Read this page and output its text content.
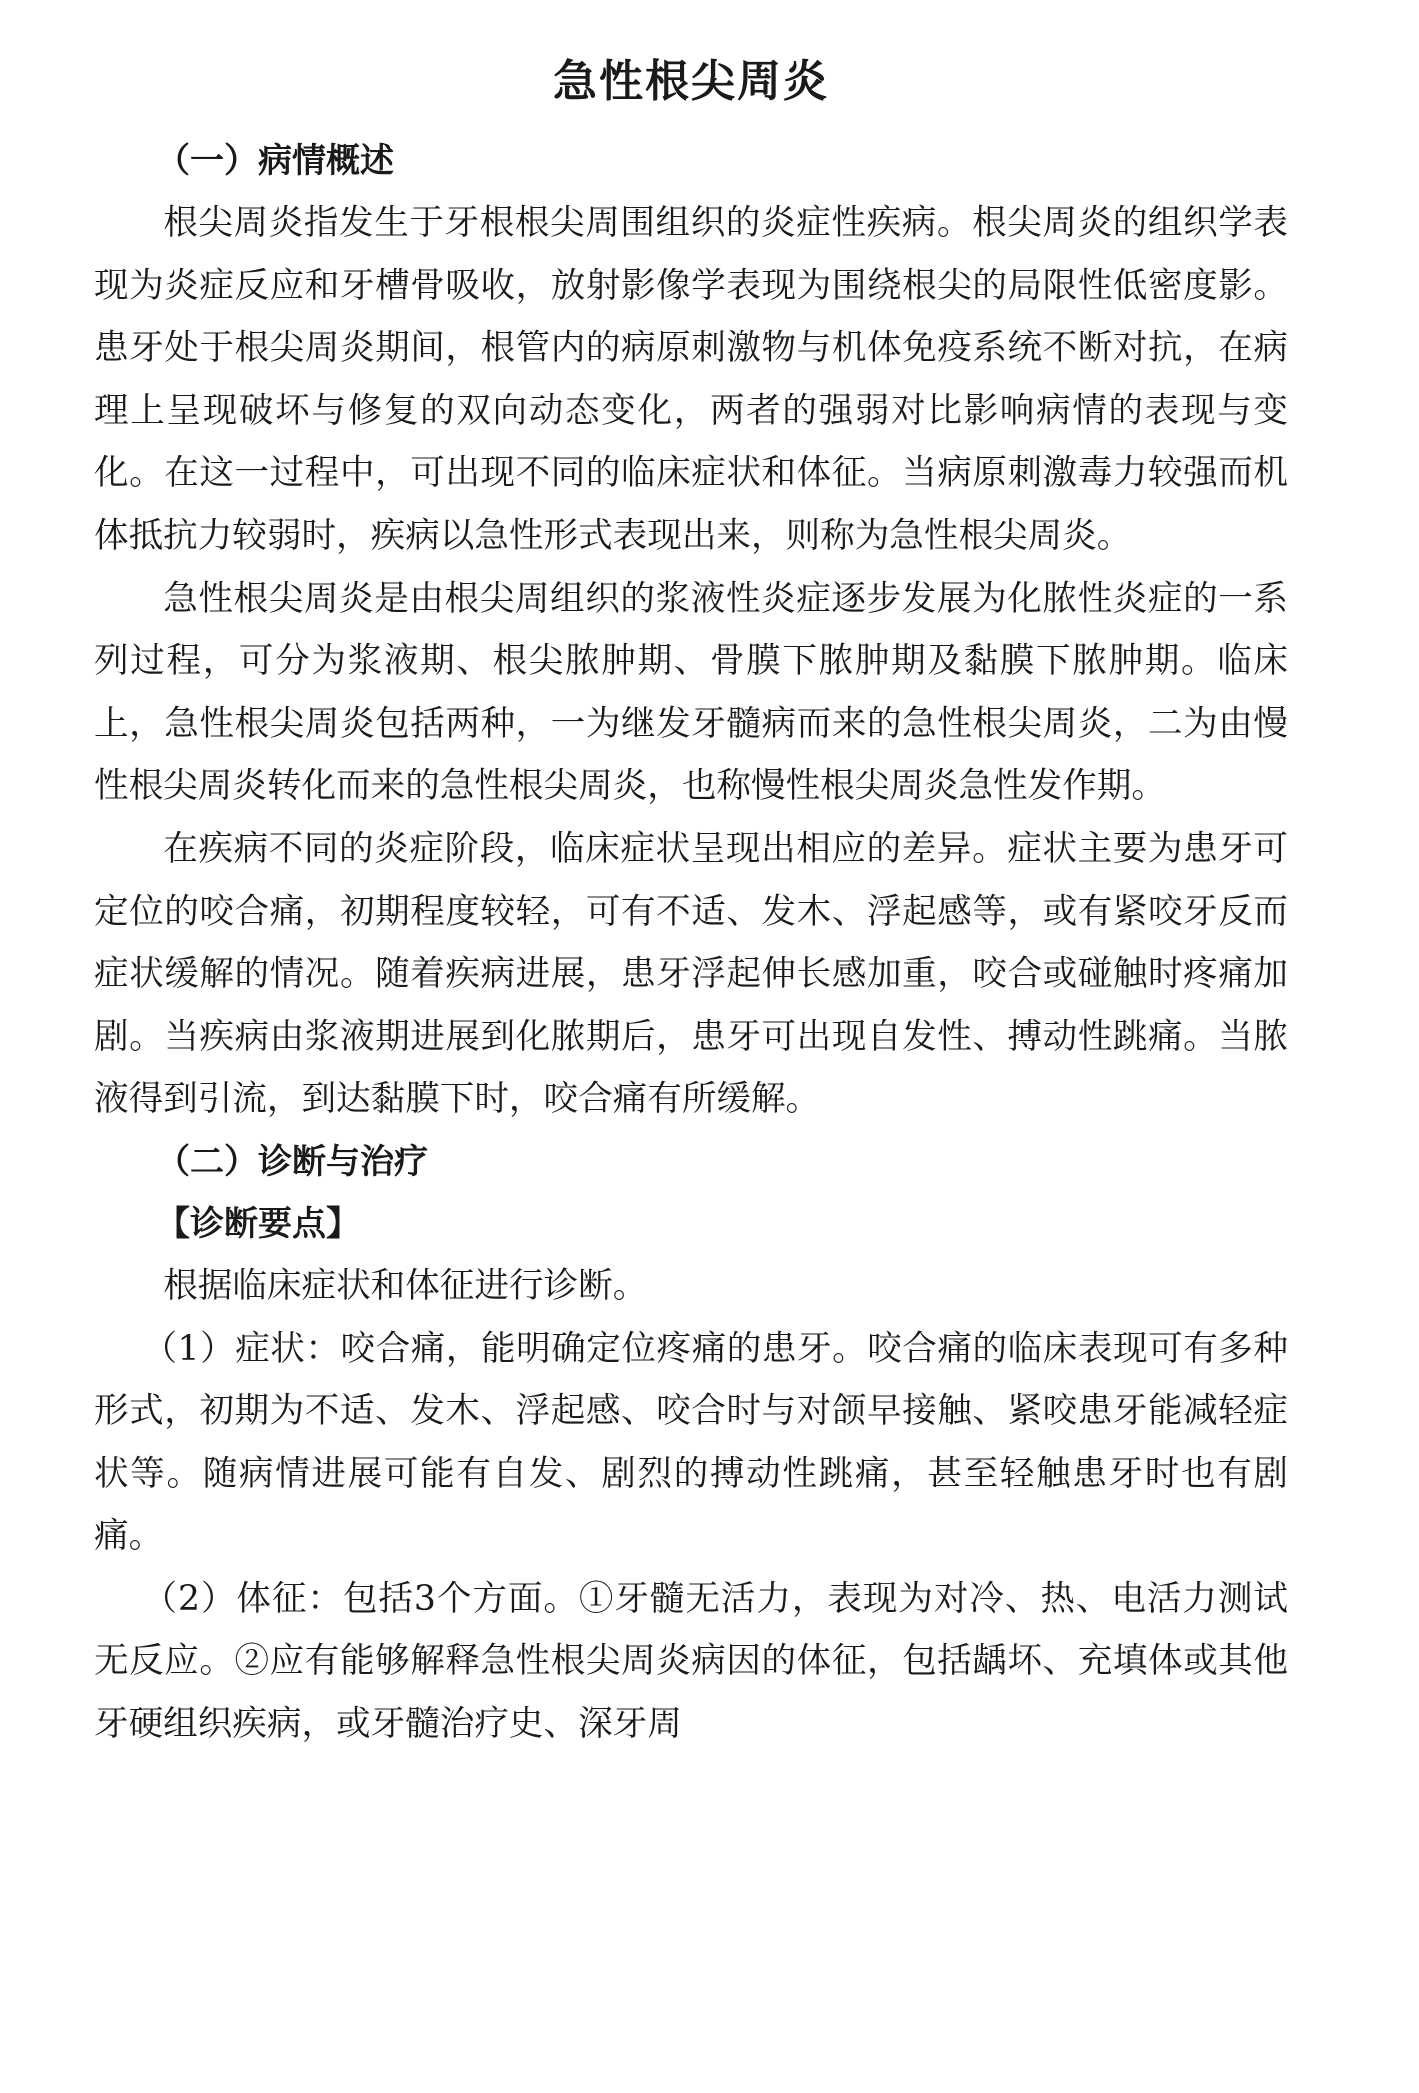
急性根尖周炎
（一）病情概述

根尖周炎指发生于牙根根尖周围组织的炎症性疾病。根尖周炎的组织学表现为炎症反应和牙槽骨吸收，放射影像学表现为围绕根尖的局限性低密度影。患牙处于根尖周炎期间，根管内的病原刺激物与机体免疫系统不断对抗，在病理上呈现破坏与修复的双向动态变化，两者的强弱对比影响病情的表现与变化。在这一过程中，可出现不同的临床症状和体征。当病原刺激毒力较强而机体抵抗力较弱时，疾病以急性形式表现出来，则称为急性根尖周炎。

急性根尖周炎是由根尖周组织的浆液性炎症逐步发展为化脓性炎症的一系列过程，可分为浆液期、根尖脓肿期、骨膜下脓肿期及黏膜下脓肿期。临床上，急性根尖周炎包括两种，一为继发牙髓病而来的急性根尖周炎，二为由慢性根尖周炎转化而来的急性根尖周炎，也称慢性根尖周炎急性发作期。

在疾病不同的炎症阶段，临床症状呈现出相应的差异。症状主要为患牙可定位的咬合痛，初期程度较轻，可有不适、发木、浮起感等，或有紧咬牙反而症状缓解的情况。随着疾病进展，患牙浮起伸长感加重，咬合或碰触时疼痛加剧。当疾病由浆液期进展到化脓期后，患牙可出现自发性、搏动性跳痛。当脓液得到引流，到达黏膜下时，咬合痛有所缓解。

（二）诊断与治疗
【诊断要点】

根据临床症状和体征进行诊断。

（1）症状：咬合痛，能明确定位疼痛的患牙。咬合痛的临床表现可有多种形式，初期为不适、发木、浮起感、咬合时与对颌早接触、紧咬患牙能减轻症状等。随病情进展可能有自发、剧烈的搏动性跳痛，甚至轻触患牙时也有剧痛。

（2）体征：包括3个方面。①牙髓无活力，表现为对冷、热、电活力测试无反应。②应有能够解释急性根尖周炎病因的体征，包括龋坏、充填体或其他牙硬组织疾病，或牙髓治疗史、深牙周
